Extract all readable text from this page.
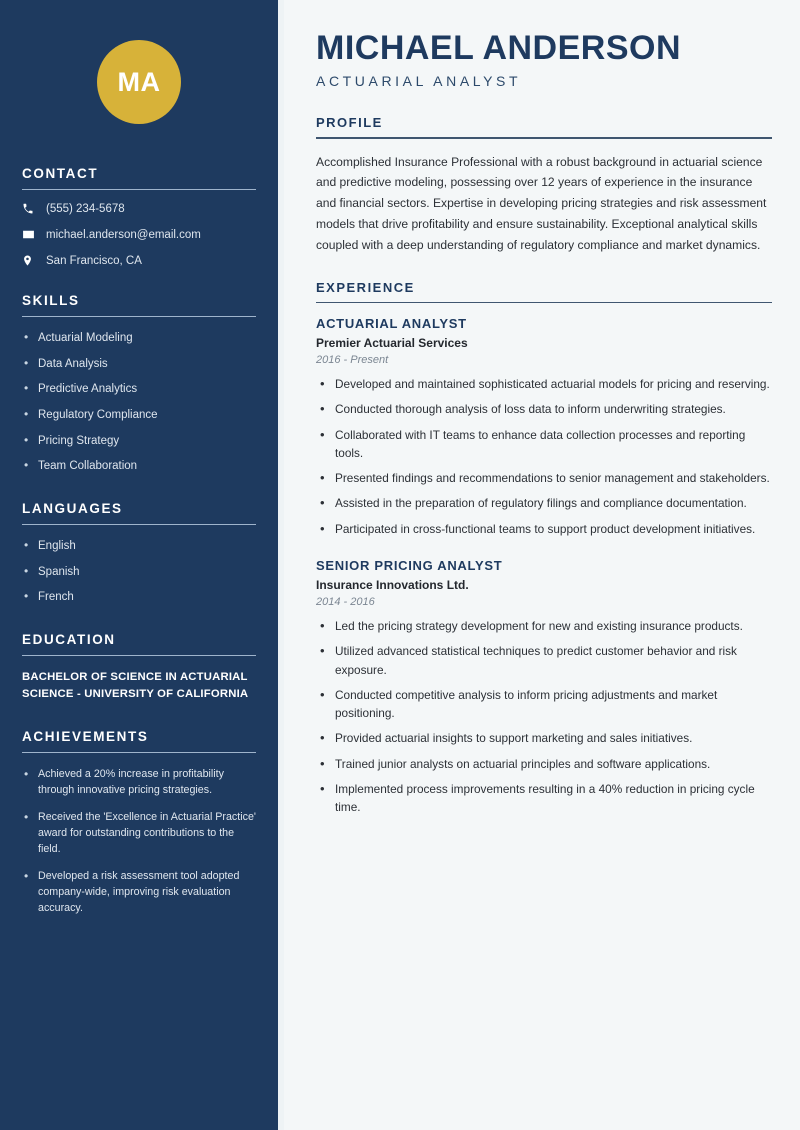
MA
CONTACT
(555) 234-5678
michael.anderson@email.com
San Francisco, CA
SKILLS
• Actuarial Modeling
• Data Analysis
• Predictive Analytics
• Regulatory Compliance
• Pricing Strategy
• Team Collaboration
LANGUAGES
• English
• Spanish
• French
EDUCATION
BACHELOR OF SCIENCE IN ACTUARIAL SCIENCE - UNIVERSITY OF CALIFORNIA
ACHIEVEMENTS
• Achieved a 20% increase in profitability through innovative pricing strategies.
• Received the 'Excellence in Actuarial Practice' award for outstanding contributions to the field.
• Developed a risk assessment tool adopted company-wide, improving risk evaluation accuracy.
MICHAEL ANDERSON
ACTUARIAL ANALYST
PROFILE

Accomplished Insurance Professional with a robust background in actuarial science and predictive modeling, possessing over 12 years of experience in the insurance and financial sectors. Expertise in developing pricing strategies and risk assessment models that drive profitability and ensure sustainability. Exceptional analytical skills coupled with a deep understanding of regulatory compliance and market dynamics.

EXPERIENCE
ACTUARIAL ANALYST
Premier Actuarial Services
2016 - Present
• Developed and maintained sophisticated actuarial models for pricing and reserving.
• Conducted thorough analysis of loss data to inform underwriting strategies.
• Collaborated with IT teams to enhance data collection processes and reporting tools.
• Presented findings and recommendations to senior management and stakeholders.
• Assisted in the preparation of regulatory filings and compliance documentation.
• Participated in cross-functional teams to support product development initiatives.
SENIOR PRICING ANALYST
Insurance Innovations Ltd.
2014 - 2016
• Led the pricing strategy development for new and existing insurance products.
• Utilized advanced statistical techniques to predict customer behavior and risk exposure.
• Conducted competitive analysis to inform pricing adjustments and market positioning.
• Provided actuarial insights to support marketing and sales initiatives.
• Trained junior analysts on actuarial principles and software applications.
• Implemented process improvements resulting in a 40% reduction in pricing cycle time.
